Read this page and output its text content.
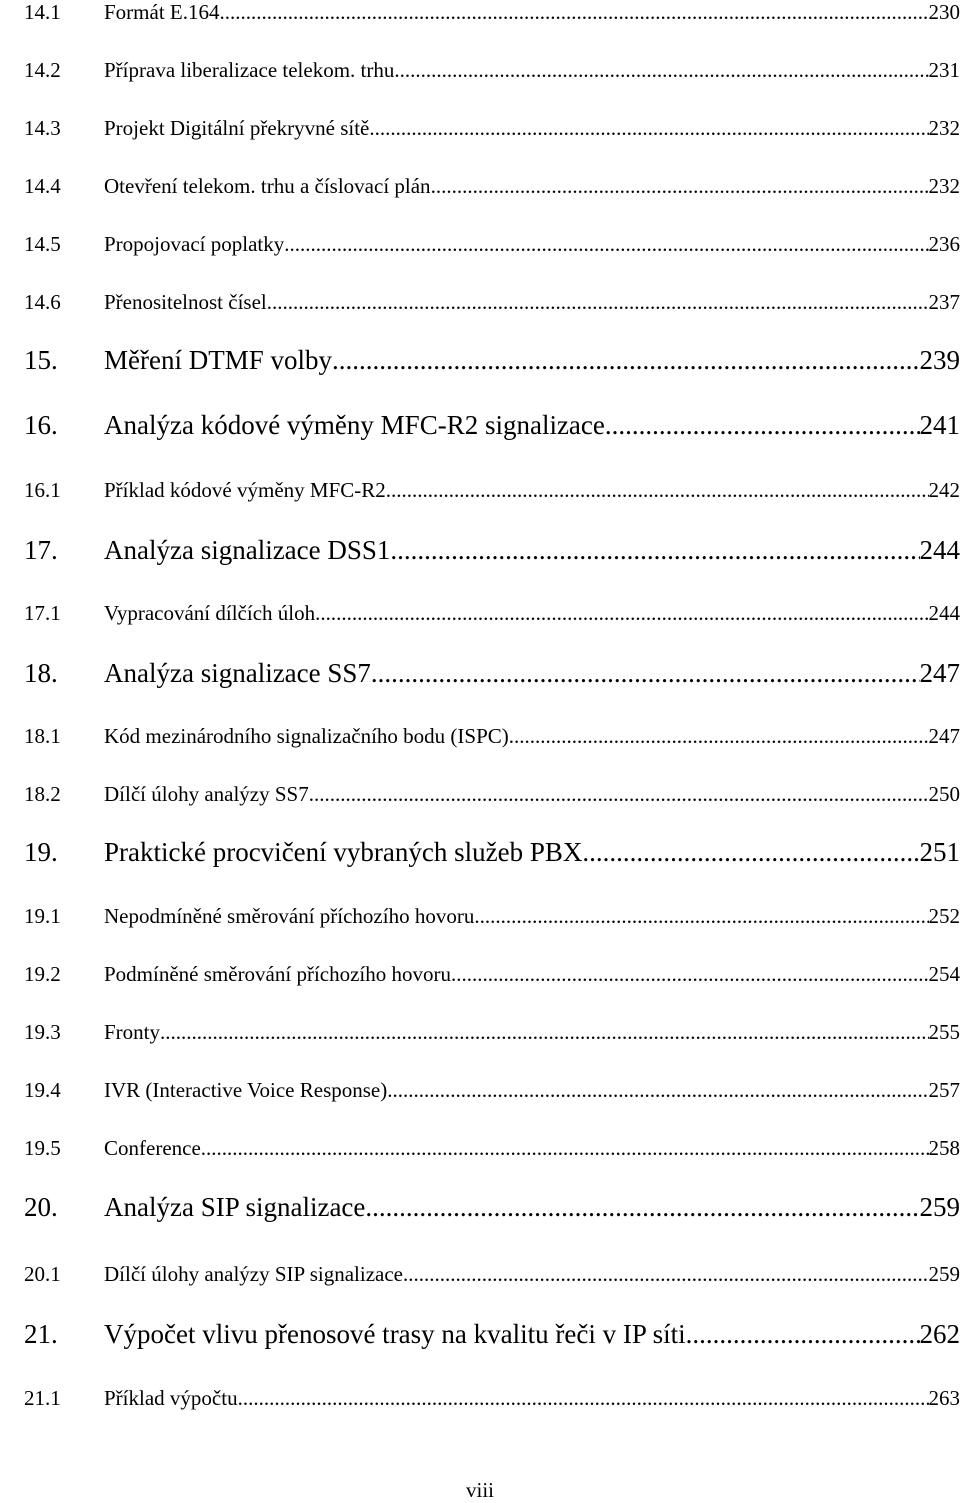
14.1	Formát E.164 .....	230
14.2	Příprava liberalizace telekom. trhu .....	231
14.3	Projekt Digitální překryvné sítě .....	232
14.4	Otevření telekom. trhu a číslovací plán .....	232
14.5	Propojovací poplatky .....	236
14.6	Přenositelnost čísel .....	237
15.	Měření DTMF volby .....	239
16.	Analýza kódové výměny MFC-R2 signalizace .....	241
16.1	Příklad kódové výměny MFC-R2 .....	242
17.	Analýza signalizace DSS1 .....	244
17.1	Vypracování dílčích úloh .....	244
18.	Analýza signalizace SS7 .....	247
18.1	Kód mezinárodního signalizačního bodu (ISPC) .....	247
18.2	Dílčí úlohy analýzy SS7 .....	250
19.	Praktické procvičení vybraných služeb PBX .....	251
19.1	Nepodmíněné směrování příchozího hovoru .....	252
19.2	Podmíněné směrování příchozího hovoru .....	254
19.3	Fronty .....	255
19.4	IVR (Interactive Voice Response) .....	257
19.5	Conference .....	258
20.	Analýza SIP signalizace .....	259
20.1	Dílčí úlohy analýzy SIP signalizace .....	259
21.	Výpočet vlivu přenosové trasy na kvalitu řeči v IP síti .....	262
21.1	Příklad výpočtu .....	263
viii
